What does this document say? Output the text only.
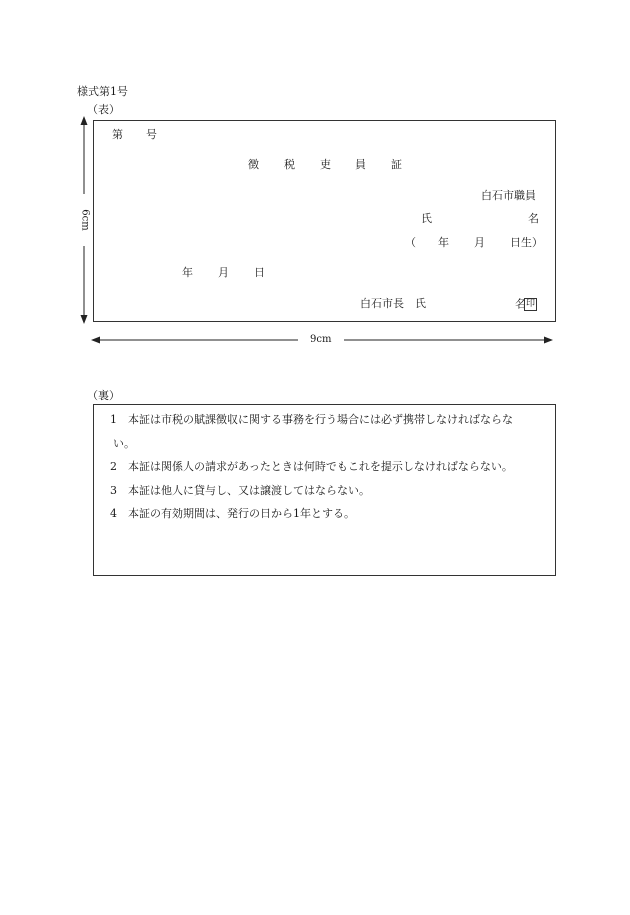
様式第1号
（表）
6cm
9cm
第 号
徴 税 吏 員 証
白石市職員
氏	名
（ 年 月 日生）
年 月 日
白石市長　氏	名印
（裏）
1　 本証は市税の賦課徴収に関する事務を行う場合には必ず携帯しなければならな
い。
2　 本証は関係人の請求があったときは何時でもこれを提示しなければならない。
3　 本証は他人に貸与し、又は譲渡してはならない。
4　 本証の有効期間は、発行の日から1年とする。
